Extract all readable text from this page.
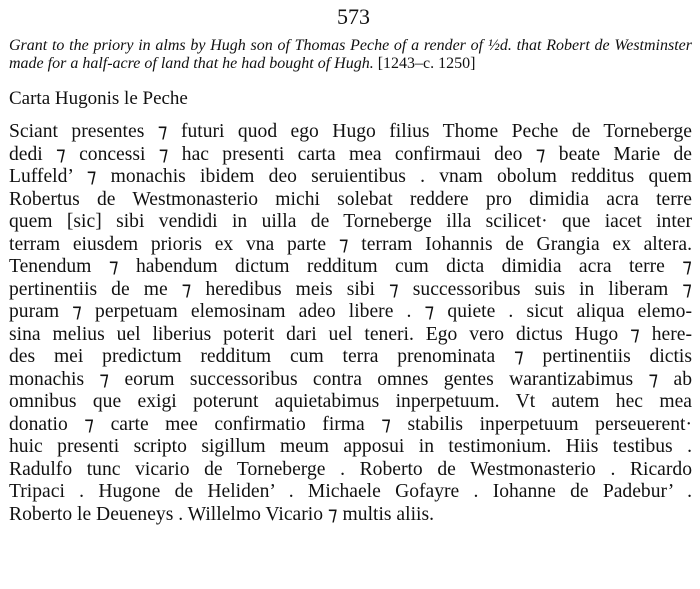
573

Grant to the priory in alms by Hugh son of Thomas Peche of a render of ½d. that Robert de Westminster made for a half-acre of land that he had bought of Hugh. [1243–c. 1250]

Carta Hugonis le Peche
Sciant presentes ⁊ futuri quod ego Hugo filius Thome Peche de Torneberge
dedi ⁊ concessi ⁊ hac presenti carta mea confirmaui deo ⁊ beate Marie de
Luffeld’ ⁊ monachis ibidem deo seruientibus . vnam obolum redditus quem
Robertus de Westmonasterio michi solebat reddere pro dimidia acra terre
quem [sic] sibi vendidi in uilla de Torneberge illa scilicet· que iacet inter
terram eiusdem prioris ex vna parte ⁊ terram Iohannis de Grangia ex altera.
Tenendum ⁊ habendum dictum redditum cum dicta dimidia acra terre ⁊
pertinentiis de me ⁊ heredibus meis sibi ⁊ successoribus suis in liberam ⁊
puram ⁊ perpetuam elemosinam adeo libere . ⁊ quiete . sicut aliqua elemo-
sina melius uel liberius poterit dari uel teneri. Ego vero dictus Hugo ⁊ here-
des mei predictum redditum cum terra prenominata ⁊ pertinentiis dictis
monachis ⁊ eorum successoribus contra omnes gentes warantizabimus ⁊ ab
omnibus que exigi poterunt aquietabimus inperpetuum. Vt autem hec mea
donatio ⁊ carte mee confirmatio firma ⁊ stabilis inperpetuum perseuerent·
huic presenti scripto sigillum meum apposui in testimonium. Hiis testibus .
Radulfo tunc vicario de Torneberge . Roberto de Westmonasterio . Ricardo
Tripaci . Hugone de Heliden’ . Michaele Gofayre . Iohanne de Padebur’ .
Roberto le Deueneys . Willelmo Vicario ⁊ multis aliis.
